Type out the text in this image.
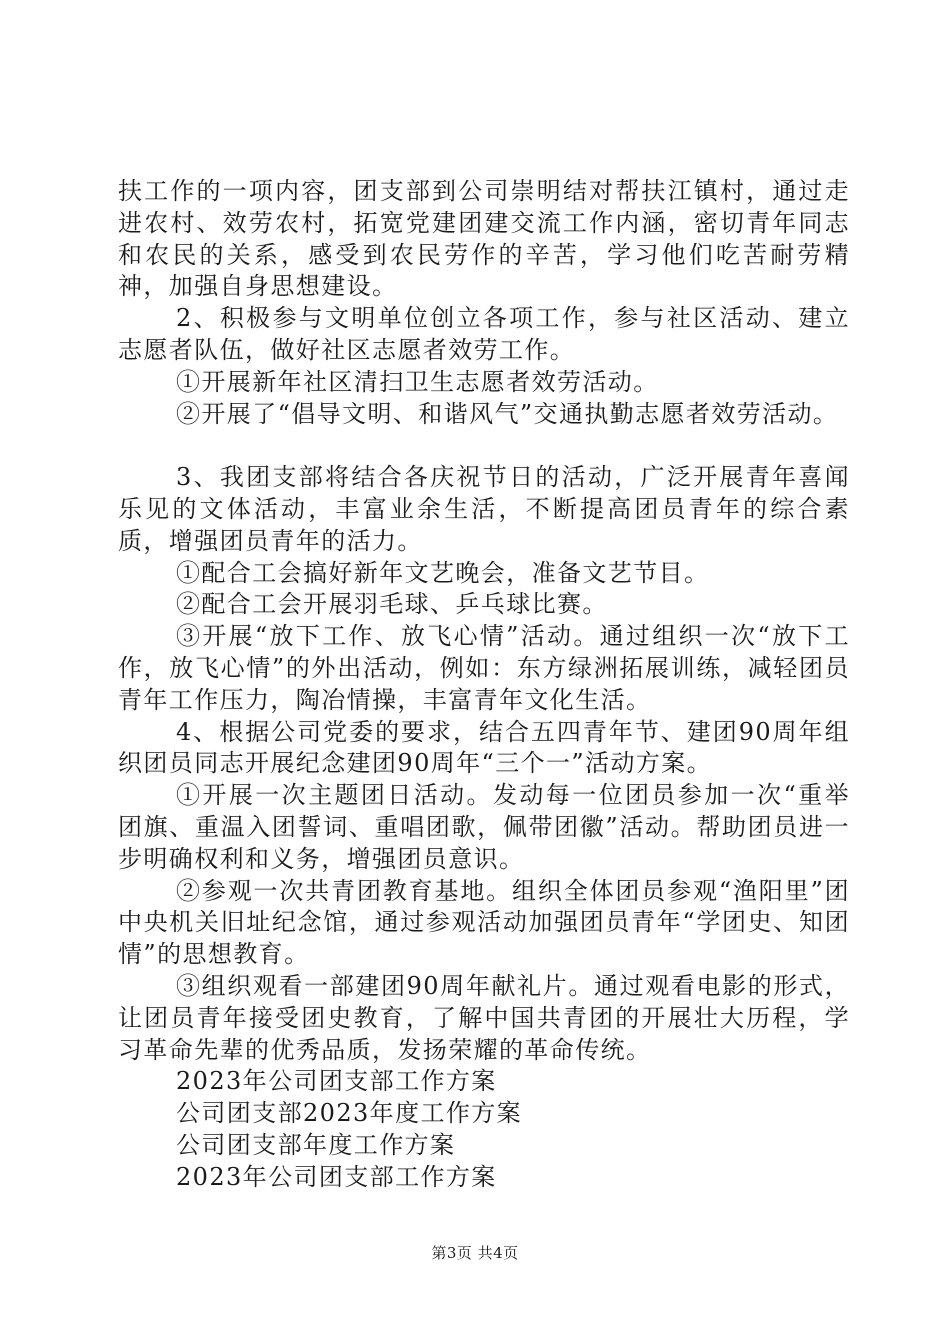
扶工作的一项内容，团支部到公司崇明结对帮扶江镇村，通过走进农村、效劳农村，拓宽党建团建交流工作内涵，密切青年同志和农民的关系，感受到农民劳作的辛苦，学习他们吃苦耐劳精神，加强自身思想建设。

2、积极参与文明单位创立各项工作，参与社区活动、建立志愿者队伍，做好社区志愿者效劳工作。

①开展新年社区清扫卫生志愿者效劳活动。

②开展了“倡导文明、和谐风气”交通执勤志愿者效劳活动。

3、我团支部将结合各庆祝节日的活动，广泛开展青年喜闻乐见的文体活动，丰富业余生活，不断提高团员青年的综合素质，增强团员青年的活力。

①配合工会搞好新年文艺晚会，准备文艺节目。

②配合工会开展羽毛球、乒乓球比赛。

③开展“放下工作、放飞心情”活动。通过组织一次“放下工作，放飞心情”的外出活动，例如：东方绿洲拓展训练，减轻团员青年工作压力，陶冶情操，丰富青年文化生活。

4、根据公司党委的要求，结合五四青年节、建团90周年组织团员同志开展纪念建团90周年“三个一”活动方案。

①开展一次主题团日活动。发动每一位团员参加一次“重举团旗、重温入团誓词、重唱团歌，佩带团徽”活动。帮助团员进一步明确权利和义务，增强团员意识。

②参观一次共青团教育基地。组织全体团员参观“渔阳里”团中央机关旧址纪念馆，通过参观活动加强团员青年“学团史、知团情”的思想教育。

③组织观看一部建团90周年献礼片。通过观看电影的形式，让团员青年接受团史教育，了解中国共青团的开展壮大历程，学习革命先辈的优秀品质，发扬荣耀的革命传统。

2023年公司团支部工作方案

公司团支部2023年度工作方案

公司团支部年度工作方案

2023年公司团支部工作方案

第3页 共4页
